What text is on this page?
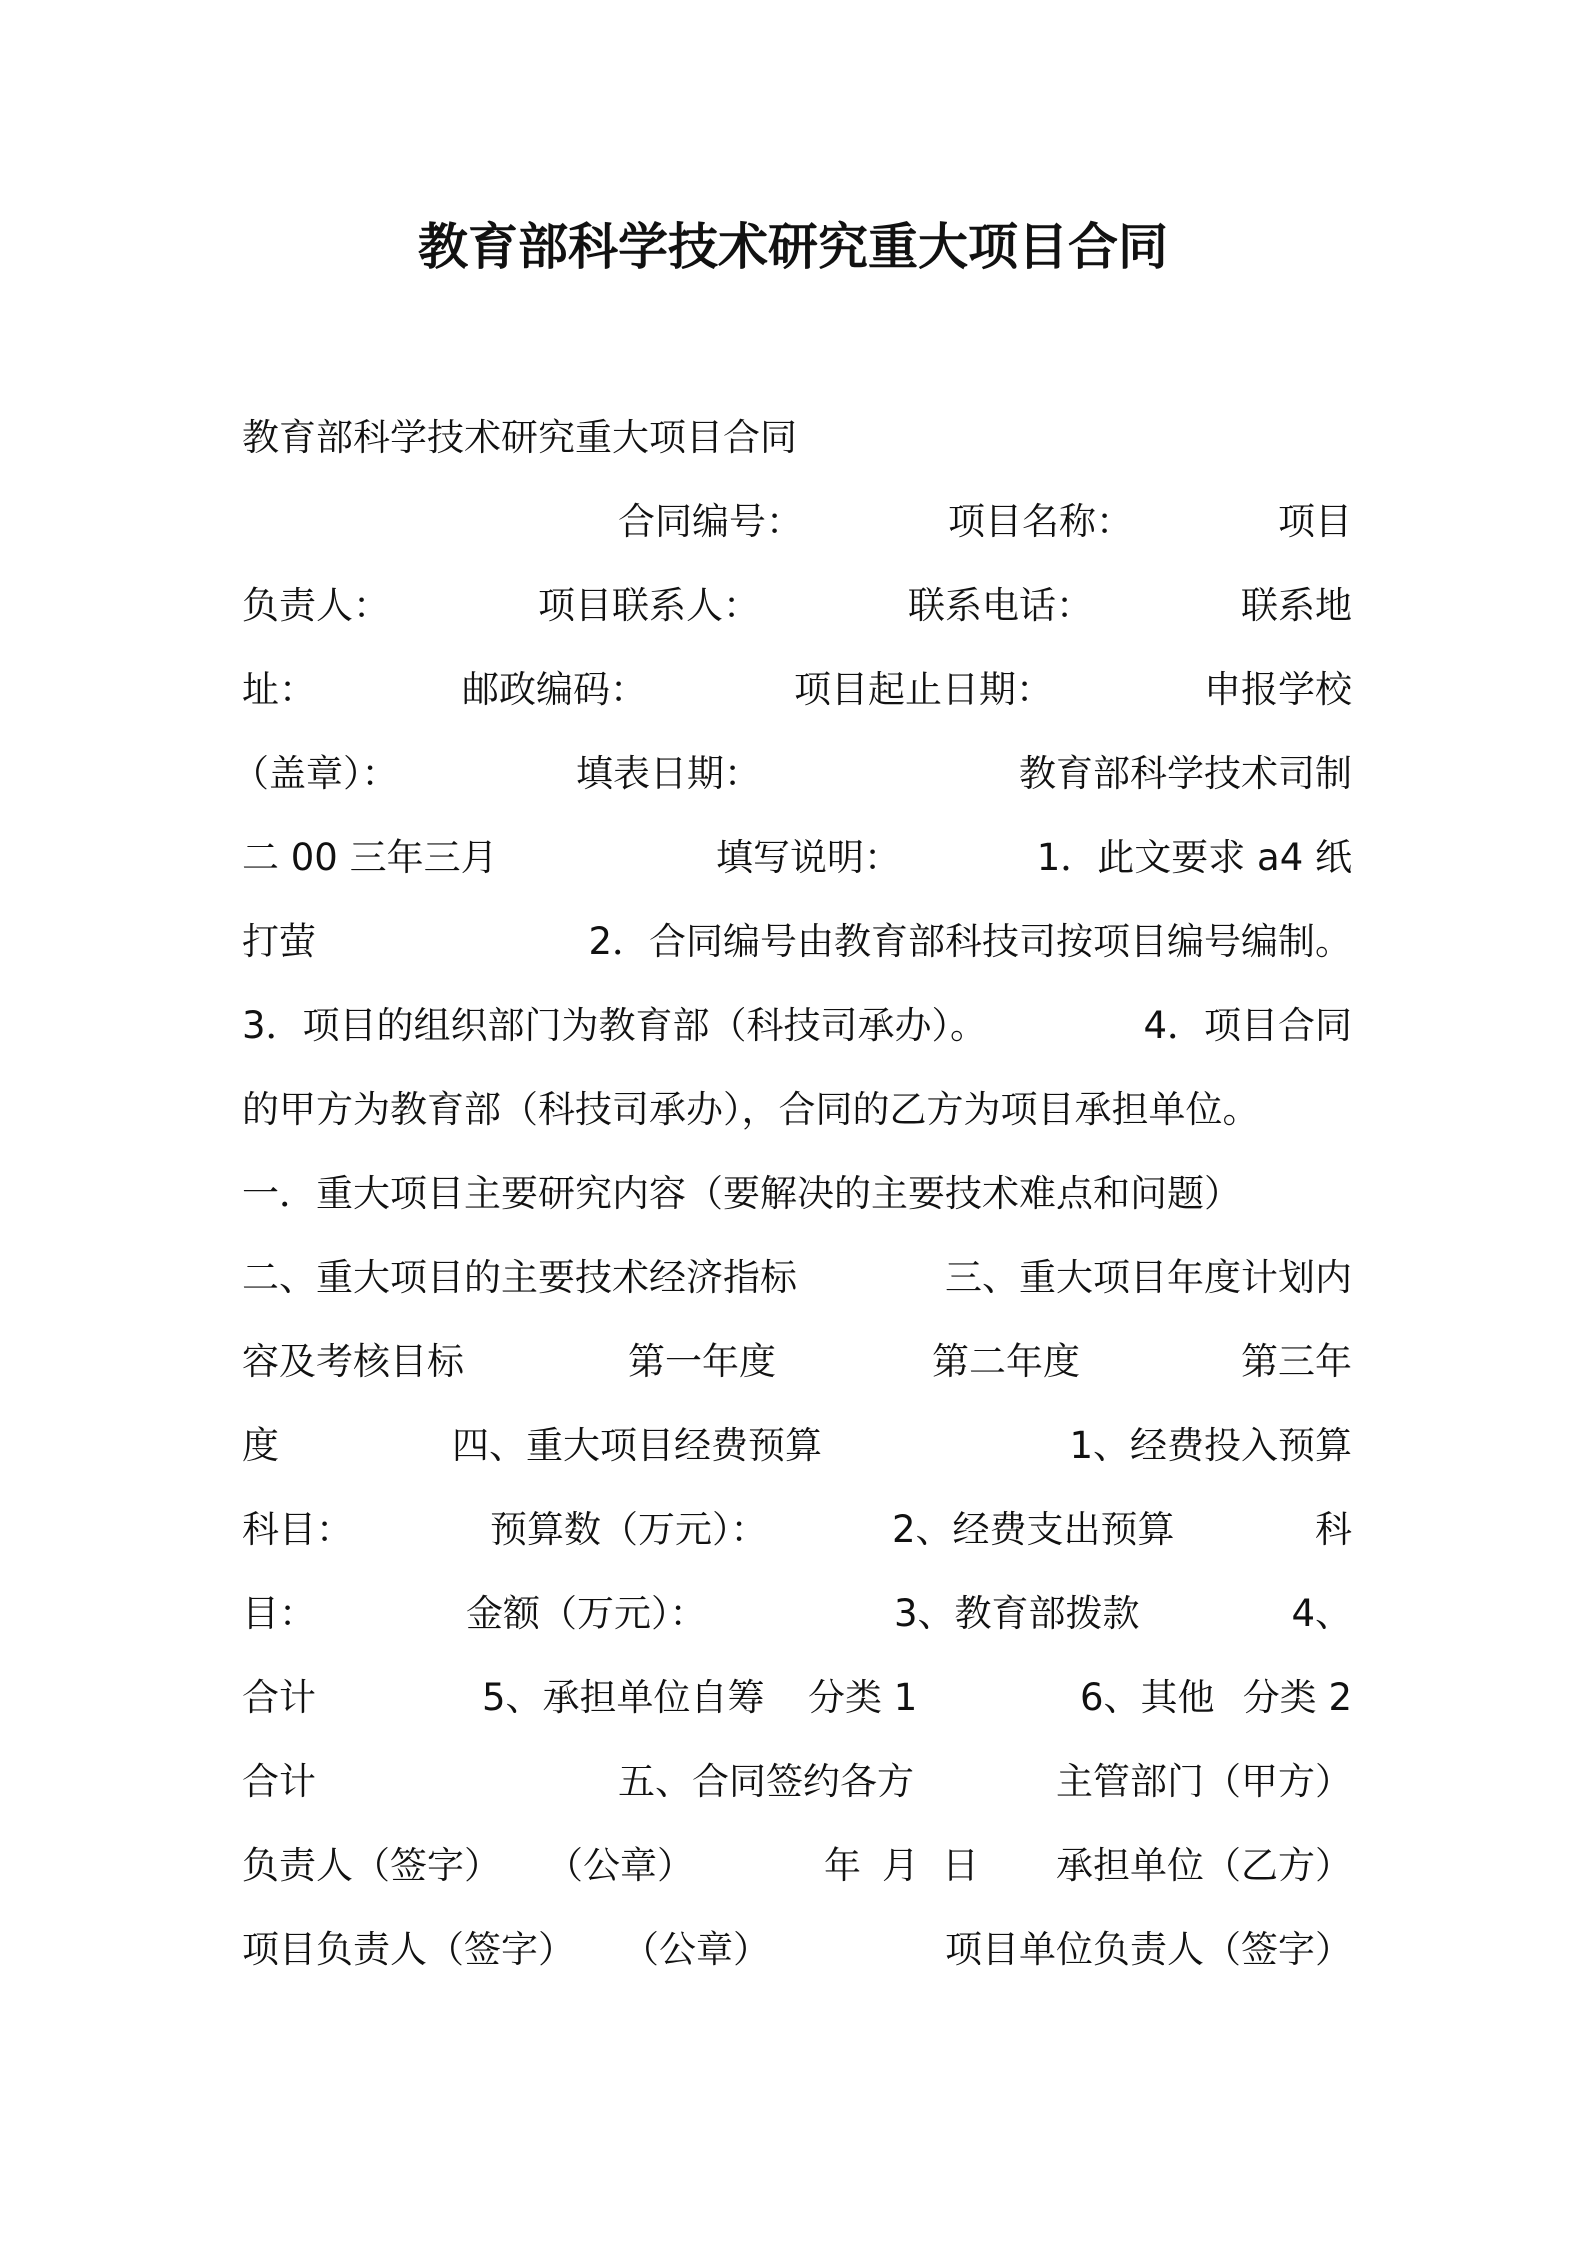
教育部科学技术研究重大项目合同
教育部科学技术研究重大项目合同
合同编号：	项目名称：	项目
负责人：	项目联系人：	联系电话：	联系地
址：	邮政编码：	项目起止日期：	申报学校
（盖章）：	填表日期：	教育部科学技术司制
二 00 三年三月	填写说明：	1．此文要求 a4 纸
打萤	2．合同编号由教育部科技司按项目编号编制。
3．项目的组织部门为教育部（科技司承办）。	4．项目合同
的甲方为教育部（科技司承办），合同的乙方为项目承担单位。
一．重大项目主要研究内容（要解决的主要技术难点和问题）
二、重大项目的主要技术经济指标	三、重大项目年度计划内
容及考核目标	第一年度	第二年度	第三年
度	四、重大项目经费预算	1、经费投入预算
科目：	预算数（万元）：	2、经费支出预算	科
目：	金额（万元）：	3、教育部拨款	4、
合计	5、承担单位自筹 分类 1	6、其他 分类 2
合计	五、合同签约各方	主管部门（甲方）
负责人（签字） （公章）	年 月 日 承担单位（乙方）
项目负责人（签字） （公章）	项目单位负责人（签字）
